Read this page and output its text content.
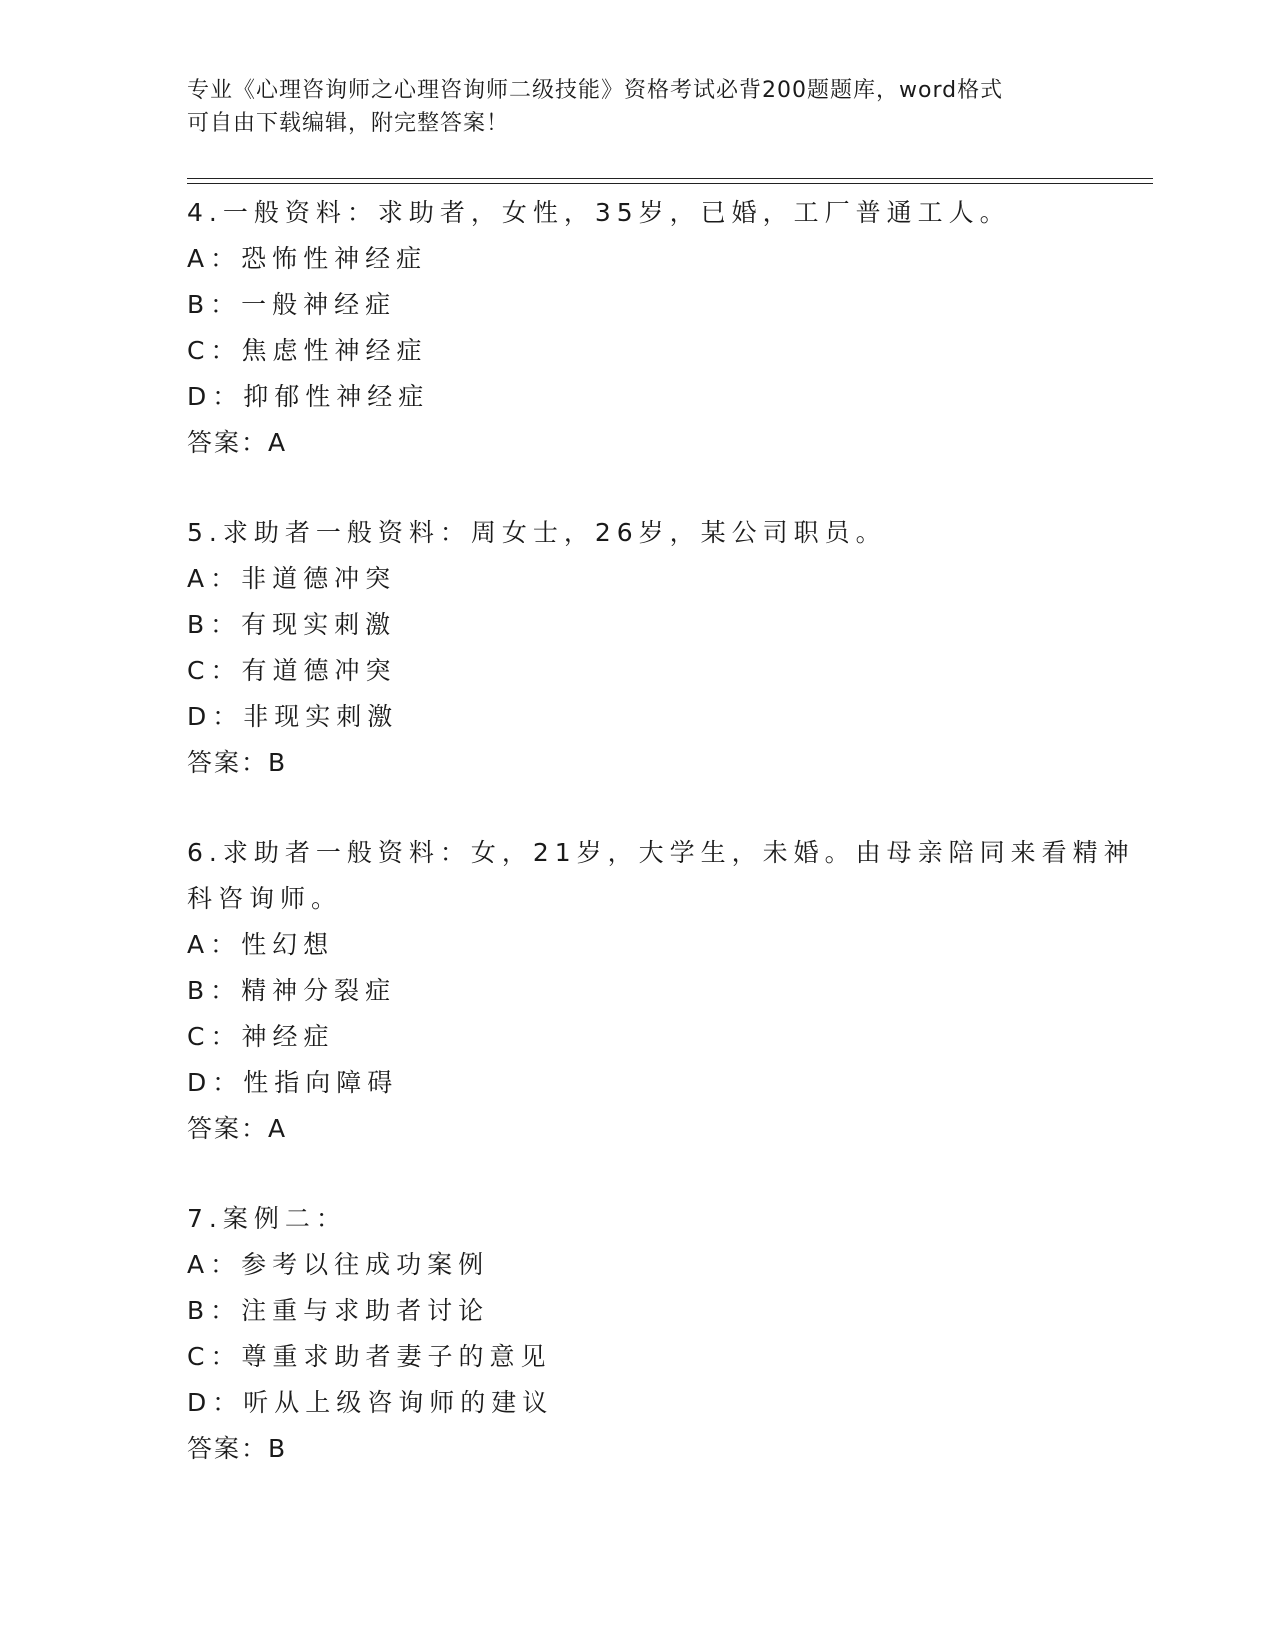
专业《心理咨询师之心理咨询师二级技能》资格考试必背200题题库，word格式
可自由下载编辑，附完整答案！
4.一般资料：求助者，女性，35岁，已婚，工厂普通工人。
A：恐怖性神经症
B：一般神经症
C：焦虑性神经症
D：抑郁性神经症
答案：A
5.求助者一般资料：周女士，26岁，某公司职员。
A：非道德冲突
B：有现实刺激
C：有道德冲突
D：非现实刺激
答案：B
6.求助者一般资料：女，21岁，大学生，未婚。由母亲陪同来看精神
科咨询师。
A：性幻想
B：精神分裂症
C：神经症
D：性指向障碍
答案：A
7.案例二：
A：参考以往成功案例
B：注重与求助者讨论
C：尊重求助者妻子的意见
D：听从上级咨询师的建议
答案：B
